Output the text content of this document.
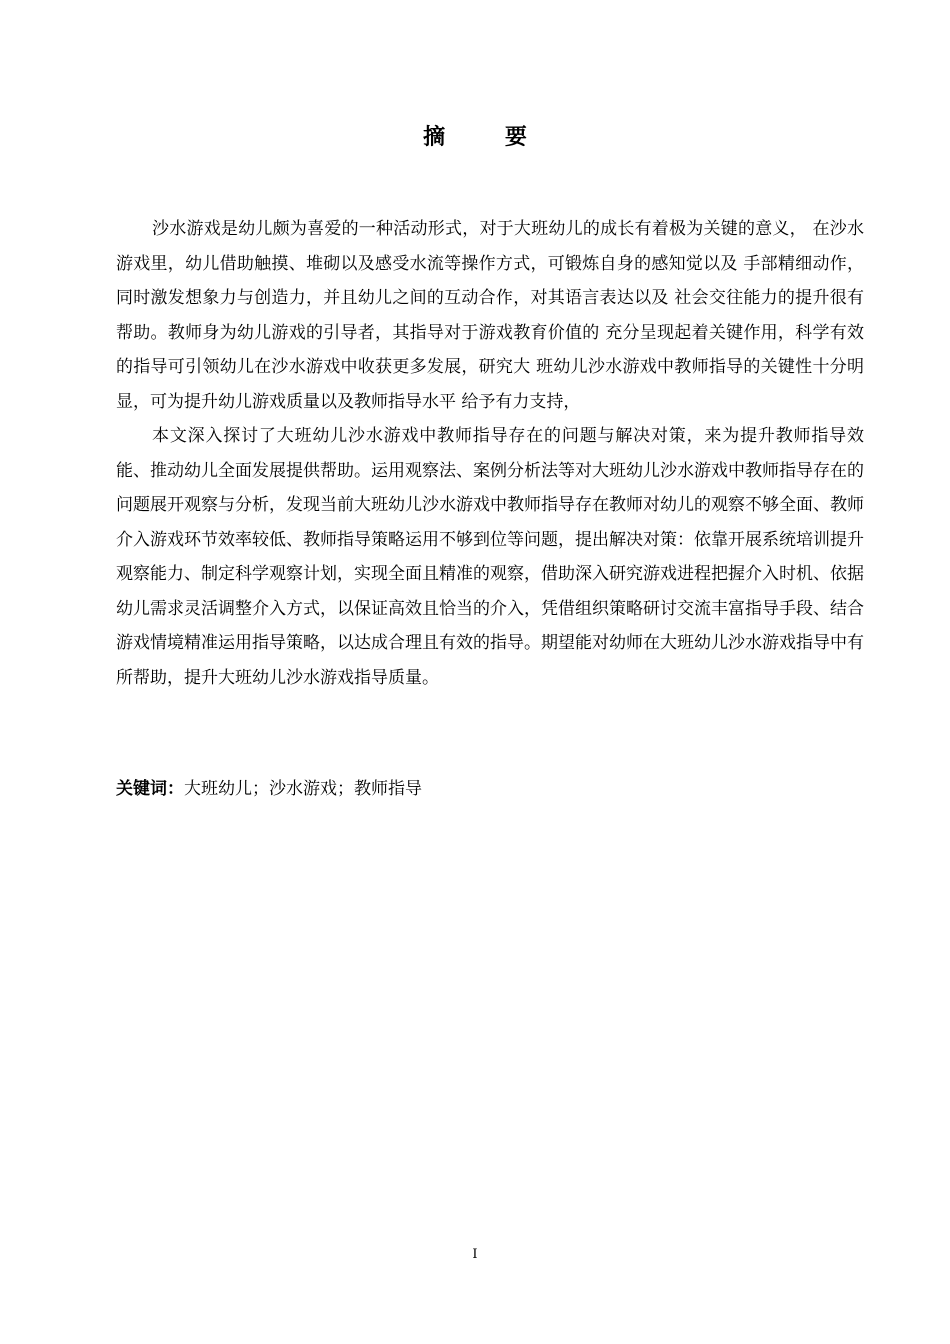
摘 要

沙水游戏是幼儿颇为喜爱的一种活动形式，对于大班幼儿的成长有着极为关键的意义， 在沙水游戏里，幼儿借助触摸、堆砌以及感受水流等操作方式，可锻炼自身的感知觉以及 手部精细动作，同时激发想象力与创造力，并且幼儿之间的互动合作，对其语言表达以及 社会交往能力的提升很有帮助。教师身为幼儿游戏的引导者，其指导对于游戏教育价值的 充分呈现起着关键作用，科学有效的指导可引领幼儿在沙水游戏中收获更多发展，研究大 班幼儿沙水游戏中教师指导的关键性十分明显，可为提升幼儿游戏质量以及教师指导水平 给予有力支持，

本文深入探讨了大班幼儿沙水游戏中教师指导存在的问题与解决对策，来为提升教师指导效能、推动幼儿全面发展提供帮助。运用观察法、案例分析法等对大班幼儿沙水游戏中教师指导存在的问题展开观察与分析，发现当前大班幼儿沙水游戏中教师指导存在教师对幼儿的观察不够全面、教师介入游戏环节效率较低、教师指导策略运用不够到位等问题，提出解决对策：依靠开展系统培训提升观察能力、制定科学观察计划，实现全面且精准的观察，借助深入研究游戏进程把握介入时机、依据幼儿需求灵活调整介入方式，以保证高效且恰当的介入，凭借组织策略研讨交流丰富指导手段、结合游戏情境精准运用指导策略，以达成合理且有效的指导。期望能对幼师在大班幼儿沙水游戏指导中有所帮助，提升大班幼儿沙水游戏指导质量。

关键词：大班幼儿；沙水游戏；教师指导
I
